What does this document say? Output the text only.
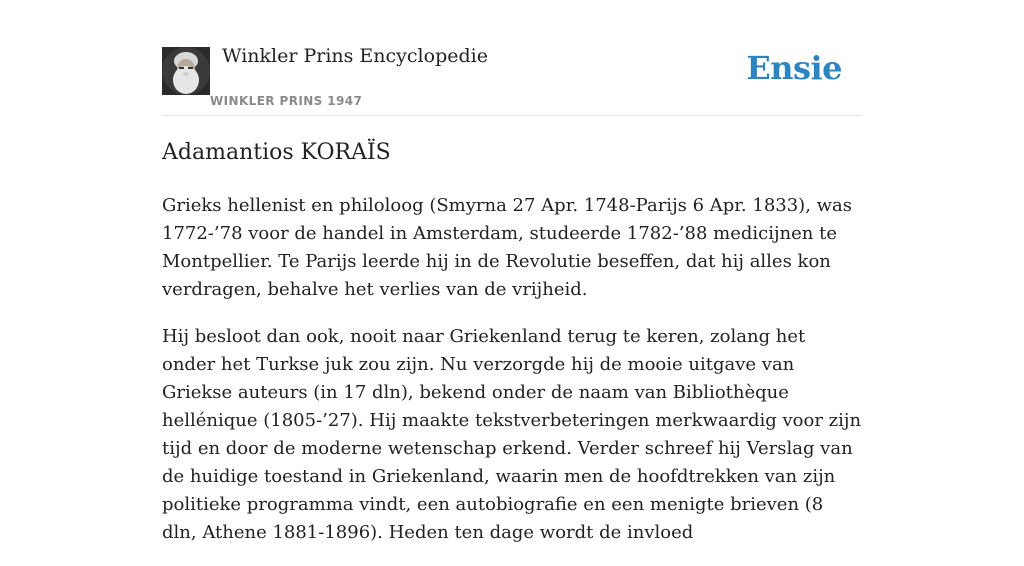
Winkler Prins Encyclopedie
WINKLER PRINS 1947
Ensie
Adamantios KORAÏS

Grieks hellenist en philoloog (Smyrna 27 Apr. 1748-Parijs 6 Apr. 1833), was 1772-’78 voor de handel in Amsterdam, studeerde 1782-’88 medicijnen te Montpellier. Te Parijs leerde hij in de Revolutie beseffen, dat hij alles kon verdragen, behalve het verlies van de vrijheid.

Hij besloot dan ook, nooit naar Griekenland terug te keren, zolang het onder het Turkse juk zou zijn. Nu verzorgde hij de mooie uitgave van Griekse auteurs (in 17 dln), bekend onder de naam van Bibliothèque hellénique (1805-’27). Hij maakte tekstverbeteringen merkwaardig voor zijn tijd en door de moderne wetenschap erkend. Verder schreef hij Verslag van de huidige toestand in Griekenland, waarin men de hoofdtrekken van zijn politieke programma vindt, een autobiografie en een menigte brieven (8 dln, Athene 1881-1896). Heden ten dage wordt de invloed
